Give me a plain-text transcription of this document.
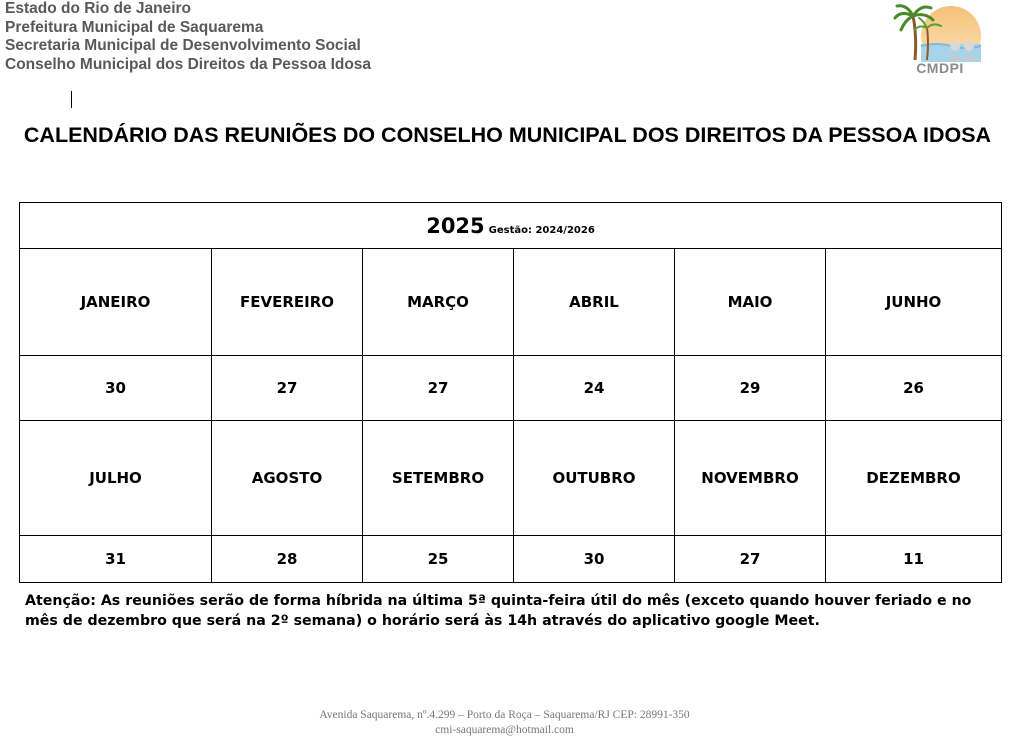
Estado do Rio de Janeiro
Prefeitura Municipal de Saquarema
Secretaria Municipal de Desenvolvimento Social
Conselho Municipal dos Direitos da Pessoa Idosa	CMDPI
CALENDÁRIO DAS REUNIÕES DO CONSELHO MUNICIPAL DOS DIREITOS DA PESSOA IDOSA
2025 Gestão: 2024/2026					
JANEIRO	FEVEREIRO	MARÇO	ABRIL	MAIO	JUNHO
30	27	27	24	29	26
JULHO	AGOSTO	SETEMBRO	OUTUBRO	NOVEMBRO	DEZEMBRO
31	28	25	30	27	11
Atenção: As reuniões serão de forma híbrida na última 5ª quinta-feira útil do mês (exceto quando houver feriado e no mês de dezembro que será na 2º semana) o horário será às 14h através do aplicativo google Meet.
Avenida Saquarema, nº.4.299 – Porto da Roça – Saquarema/RJ CEP: 28991-350
cmi-saquarema@hotmail.com
